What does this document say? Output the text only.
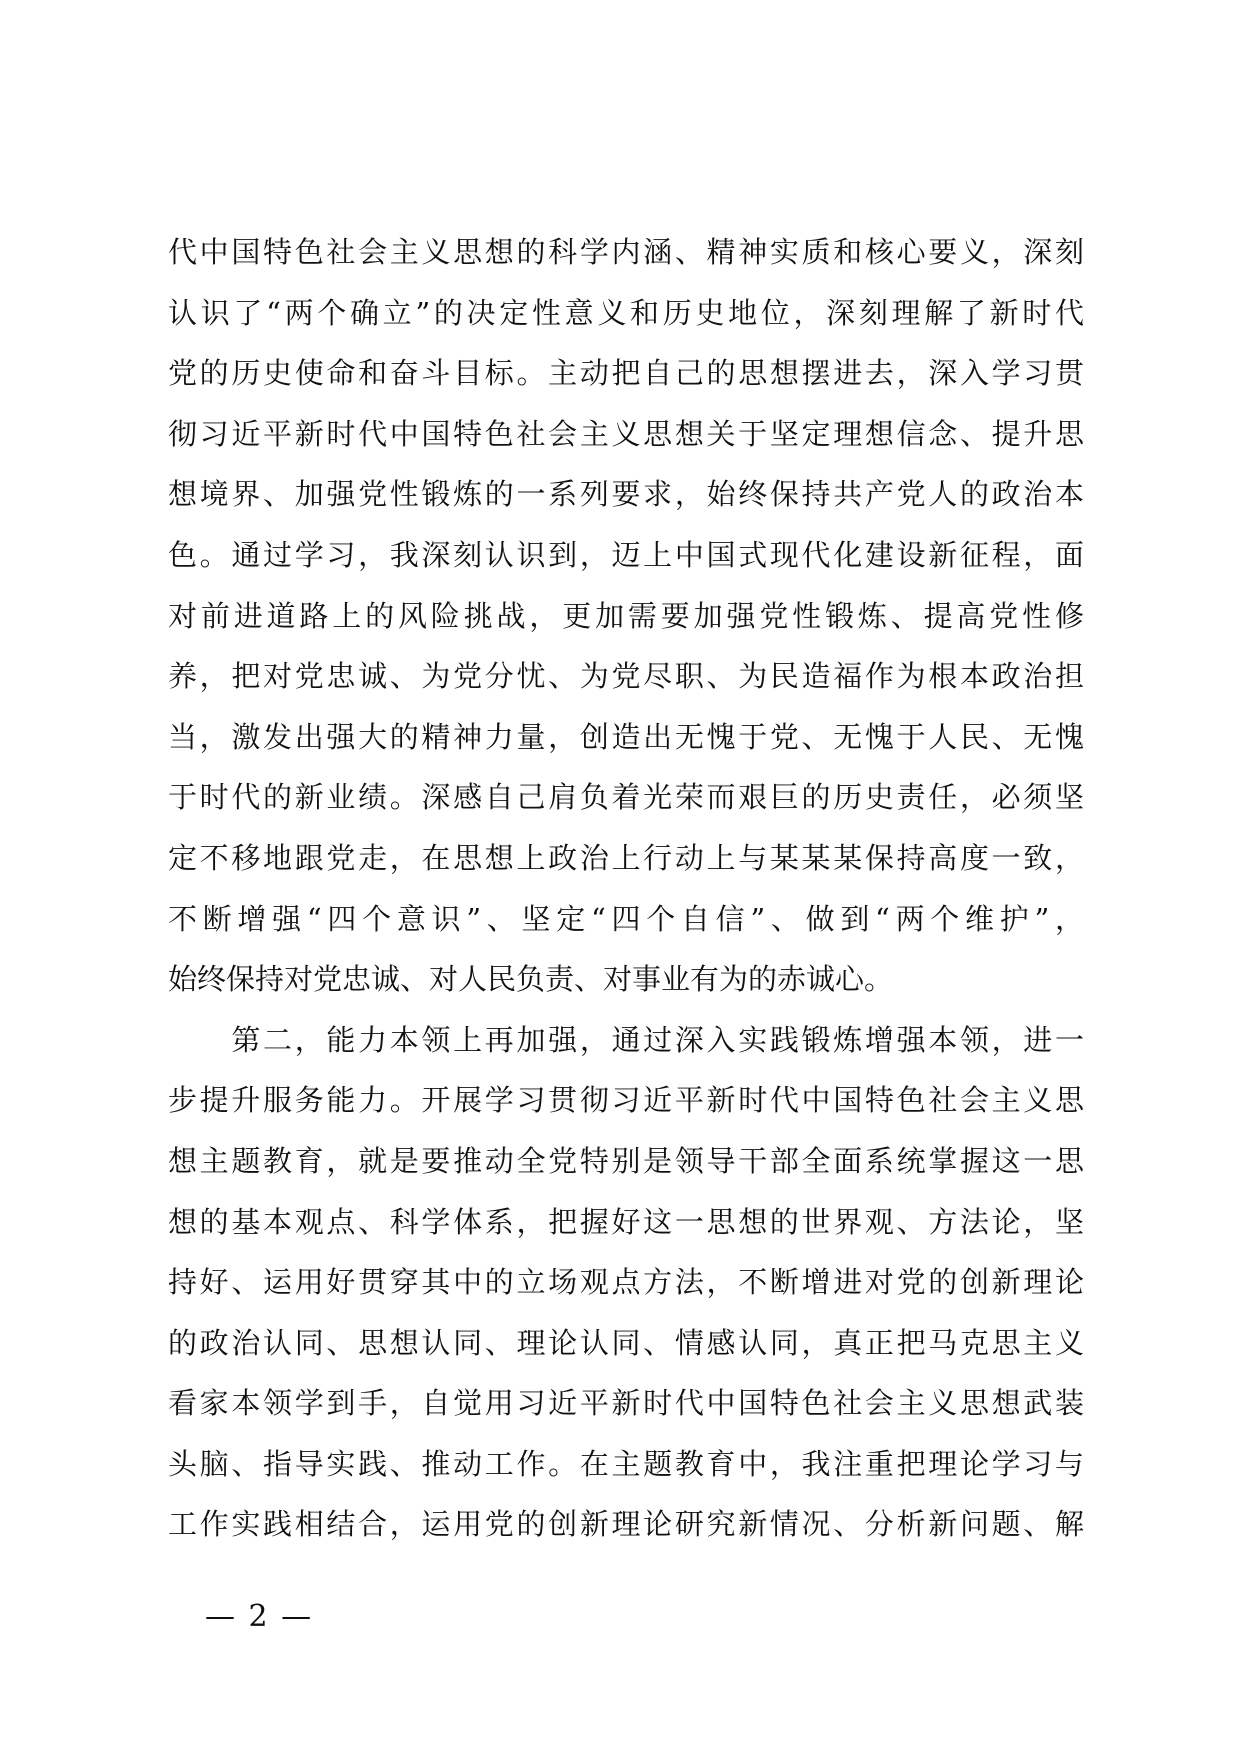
代中国特色社会主义思想的科学内涵、精神实质和核心要义，深刻
认识了“两个确立”的决定性意义和历史地位，深刻理解了新时代
党的历史使命和奋斗目标。主动把自己的思想摆进去，深入学习贯
彻习近平新时代中国特色社会主义思想关于坚定理想信念、提升思
想境界、加强党性锻炼的一系列要求，始终保持共产党人的政治本
色。通过学习，我深刻认识到，迈上中国式现代化建设新征程，面
对前进道路上的风险挑战，更加需要加强党性锻炼、提高党性修
养，把对党忠诚、为党分忧、为党尽职、为民造福作为根本政治担
当，激发出强大的精神力量，创造出无愧于党、无愧于人民、无愧
于时代的新业绩。深感自己肩负着光荣而艰巨的历史责任，必须坚
定不移地跟党走，在思想上政治上行动上与某某某保持高度一致，
不断增强“四个意识”、坚定“四个自信”、做到“两个维护”，
始终保持对党忠诚、对人民负责、对事业有为的赤诚心。
　　第二，能力本领上再加强，通过深入实践锻炼增强本领，进一
步提升服务能力。开展学习贯彻习近平新时代中国特色社会主义思
想主题教育，就是要推动全党特别是领导干部全面系统掌握这一思
想的基本观点、科学体系，把握好这一思想的世界观、方法论，坚
持好、运用好贯穿其中的立场观点方法，不断增进对党的创新理论
的政治认同、思想认同、理论认同、情感认同，真正把马克思主义
看家本领学到手，自觉用习近平新时代中国特色社会主义思想武装
头脑、指导实践、推动工作。在主题教育中，我注重把理论学习与
工作实践相结合，运用党的创新理论研究新情况、分析新问题、解
— 2 —
